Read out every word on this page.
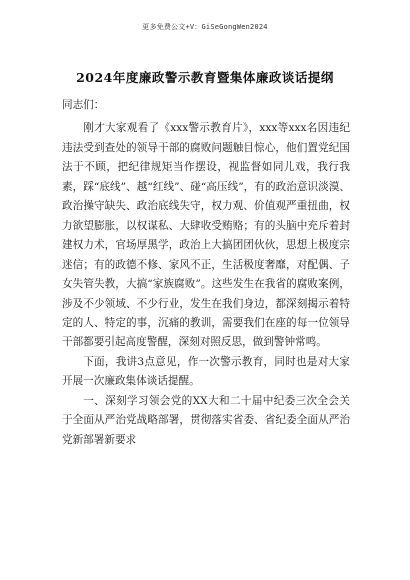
更多免费公文+V：GiSeGongWen2024
2024年度廉政警示教育暨集体廉政谈话提纲

同志们：

刚才大家观看了《xxx警示教育片》，xxx等xxx名因违纪违法受到查处的领导干部的腐败问题触目惊心，他们置党纪国法于不顾，把纪律规矩当作摆设，视监督如同儿戏，我行我素，踩“底线”、越“红线”、碰“高压线”，有的政治意识淡漠、政治操守缺失、政治底线失守，权力观、价值观严重扭曲，权力欲望膨胀，以权谋私、大肆收受贿赂；有的头脑中充斥着封建权力术，官场厚黑学，政治上大搞团团伙伙，思想上极度宗迷信；有的政德不修、家风不正，生活极度奢靡，对配偶、子女失管失教，大搞“家族腐败”。这些发生在我省的腐败案例，涉及不少领域、不少行业，发生在我们身边，都深刻揭示着特定的人、特定的事，沉痛的教训，需要我们在座的每一位领导干部都要引起高度警醒，深刻对照反思，做到警钟常鸣。

下面，我讲3点意见，作一次警示教育，同时也是对大家开展一次廉政集体谈话提醒。

一、深刻学习领会党的XX大和二十届中纪委三次全会关于全面从严治党战略部署，贯彻落实省委、省纪委全面从严治党新部署新要求
